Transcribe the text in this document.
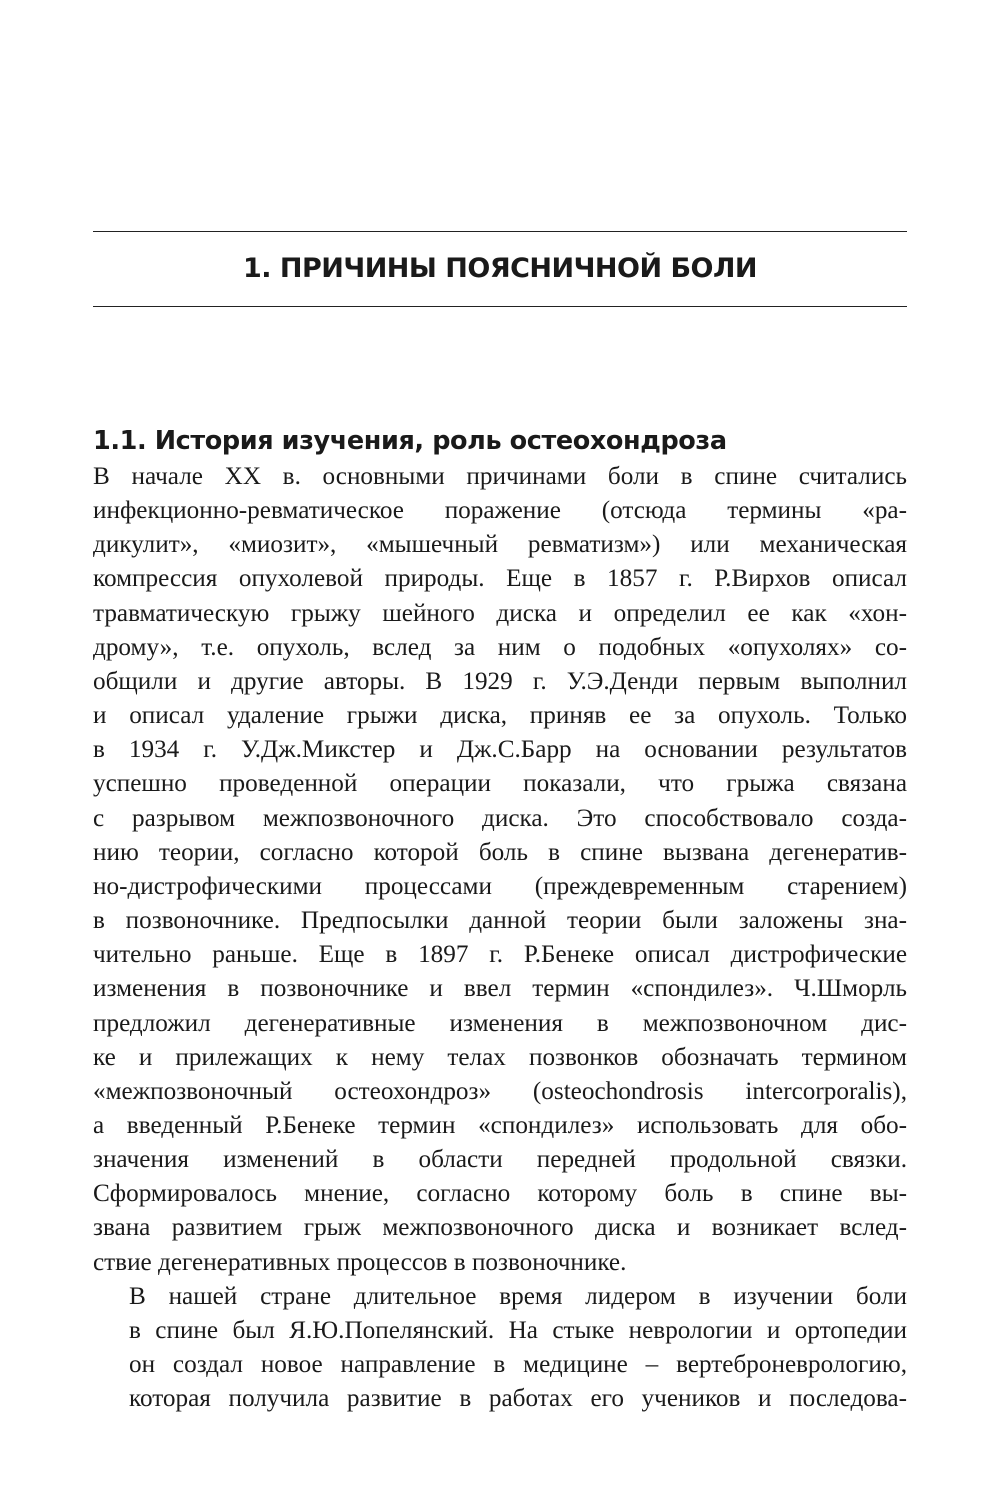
1. ПРИЧИНЫ ПОЯСНИЧНОЙ БОЛИ
1.1. История изучения, роль остеохондроза

В начале XX в. основными причинами боли в спине считались
инфекционно-ревматическое поражение (отсюда термины «ра-
дикулит», «миозит», «мышечный ревматизм») или механическая
компрессия опухолевой природы. Еще в 1857 г. Р.Вирхов описал
травматическую грыжу шейного диска и определил ее как «хон-
дрому», т.е. опухоль, вслед за ним о подобных «опухолях» со-
общили и другие авторы. В 1929 г. У.Э.Денди первым выполнил
и описал удаление грыжи диска, приняв ее за опухоль. Только
в 1934 г. У.Дж.Микстер и Дж.С.Барр на основании результатов
успешно проведенной операции показали, что грыжа связана
с разрывом межпозвоночного диска. Это способствовало созда-
нию теории, согласно которой боль в спине вызвана дегенератив-
но-дистрофическими процессами (преждевременным старением)
в позвоночнике. Предпосылки данной теории были заложены зна-
чительно раньше. Еще в 1897 г. Р.Бенеке описал дистрофические
изменения в позвоночнике и ввел термин «спондилез». Ч.Шморль
предложил дегенеративные изменения в межпозвоночном дис-
ке и прилежащих к нему телах позвонков обозначать термином
«межпозвоночный остеохондроз» (osteochondrosis intercorporalis),
а введенный Р.Бенеке термин «спондилез» использовать для обо-
значения изменений в области передней продольной связки.
Сформировалось мнение, согласно которому боль в спине вы-
звана развитием грыж межпозвоночного диска и возникает вслед-
ствие дегенеративных процессов в позвоночнике.

В нашей стране длительное время лидером в изучении боли
в спине был Я.Ю.Попелянский. На стыке неврологии и ортопедии
он создал новое направление в медицине – вертеброневрологию,
которая получила развитие в работах его учеников и последова-
